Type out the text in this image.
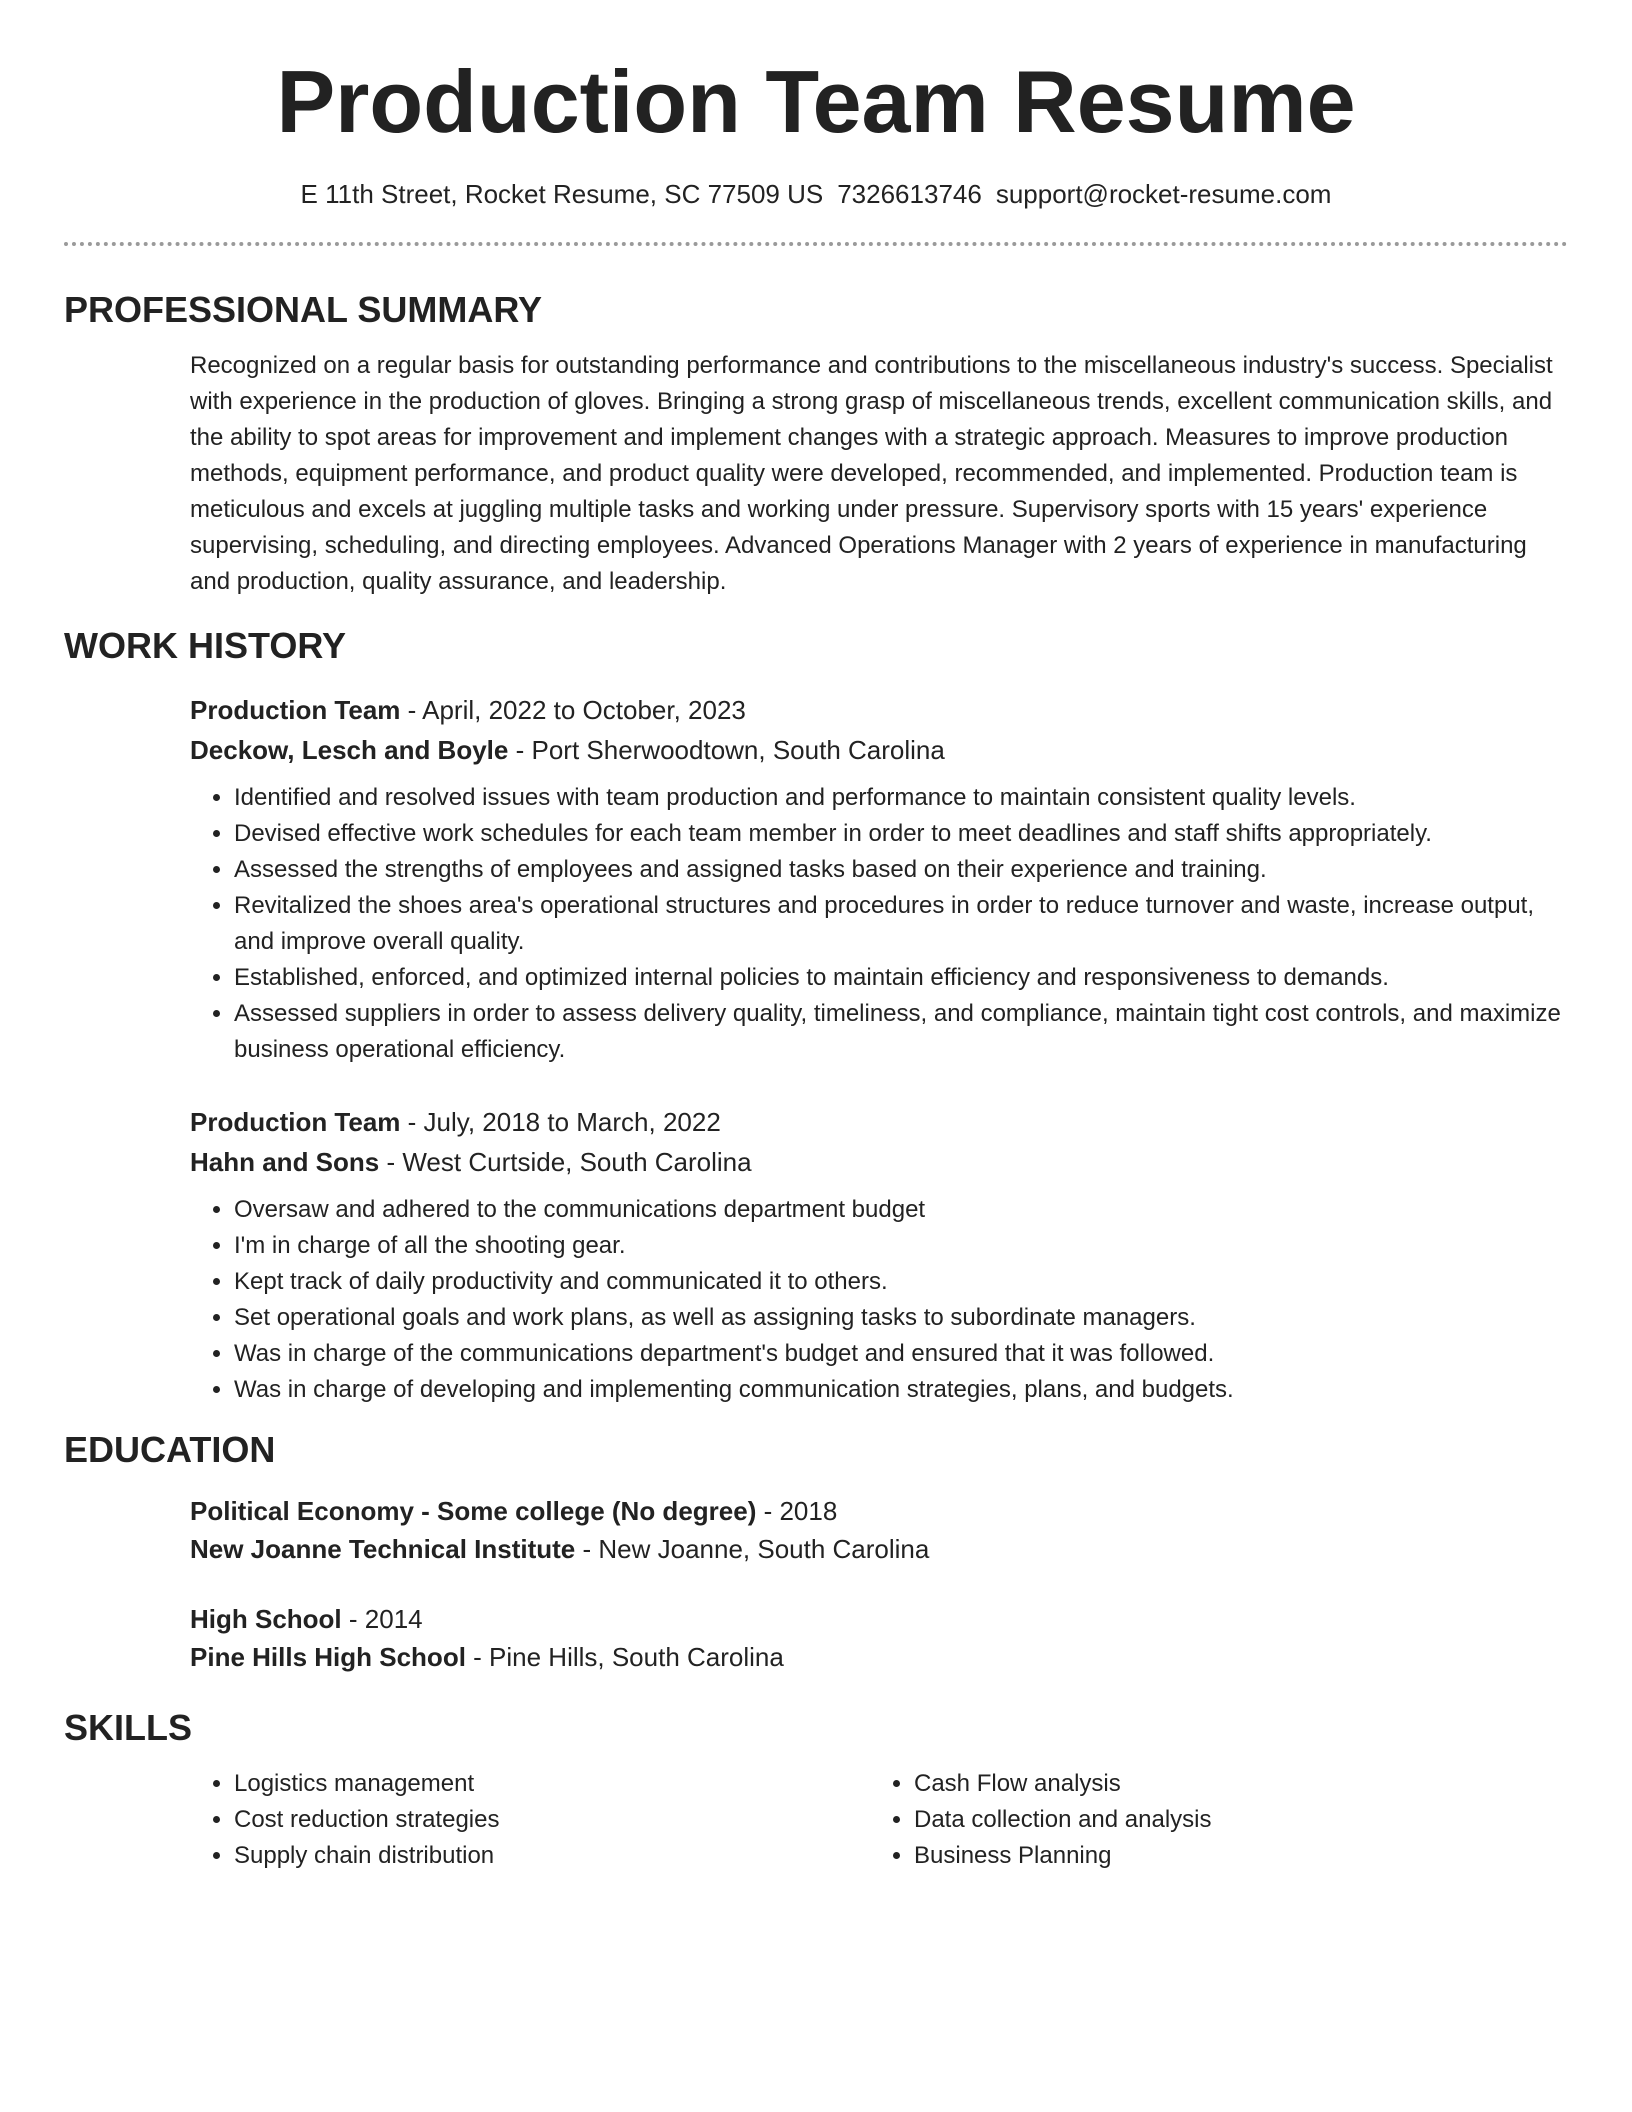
Production Team Resume
E 11th Street, Rocket Resume, SC 77509 US 7326613746 support@rocket-resume.com
PROFESSIONAL SUMMARY
Recognized on a regular basis for outstanding performance and contributions to the miscellaneous industry's success. Specialist with experience in the production of gloves. Bringing a strong grasp of miscellaneous trends, excellent communication skills, and the ability to spot areas for improvement and implement changes with a strategic approach. Measures to improve production methods, equipment performance, and product quality were developed, recommended, and implemented. Production team is meticulous and excels at juggling multiple tasks and working under pressure. Supervisory sports with 15 years' experience supervising, scheduling, and directing employees. Advanced Operations Manager with 2 years of experience in manufacturing and production, quality assurance, and leadership.
WORK HISTORY
Production Team - April, 2022 to October, 2023
Deckow, Lesch and Boyle - Port Sherwoodtown, South Carolina
• Identified and resolved issues with team production and performance to maintain consistent quality levels.
• Devised effective work schedules for each team member in order to meet deadlines and staff shifts appropriately.
• Assessed the strengths of employees and assigned tasks based on their experience and training.
• Revitalized the shoes area's operational structures and procedures in order to reduce turnover and waste, increase output, and improve overall quality.
• Established, enforced, and optimized internal policies to maintain efficiency and responsiveness to demands.
• Assessed suppliers in order to assess delivery quality, timeliness, and compliance, maintain tight cost controls, and maximize business operational efficiency.
Production Team - July, 2018 to March, 2022
Hahn and Sons - West Curtside, South Carolina
• Oversaw and adhered to the communications department budget
• I'm in charge of all the shooting gear.
• Kept track of daily productivity and communicated it to others.
• Set operational goals and work plans, as well as assigning tasks to subordinate managers.
• Was in charge of the communications department's budget and ensured that it was followed.
• Was in charge of developing and implementing communication strategies, plans, and budgets.
EDUCATION
Political Economy - Some college (No degree) - 2018
New Joanne Technical Institute - New Joanne, South Carolina
High School - 2014
Pine Hills High School - Pine Hills, South Carolina
SKILLS
• Logistics management
• Cost reduction strategies
• Supply chain distribution
• Cash Flow analysis
• Data collection and analysis
• Business Planning
